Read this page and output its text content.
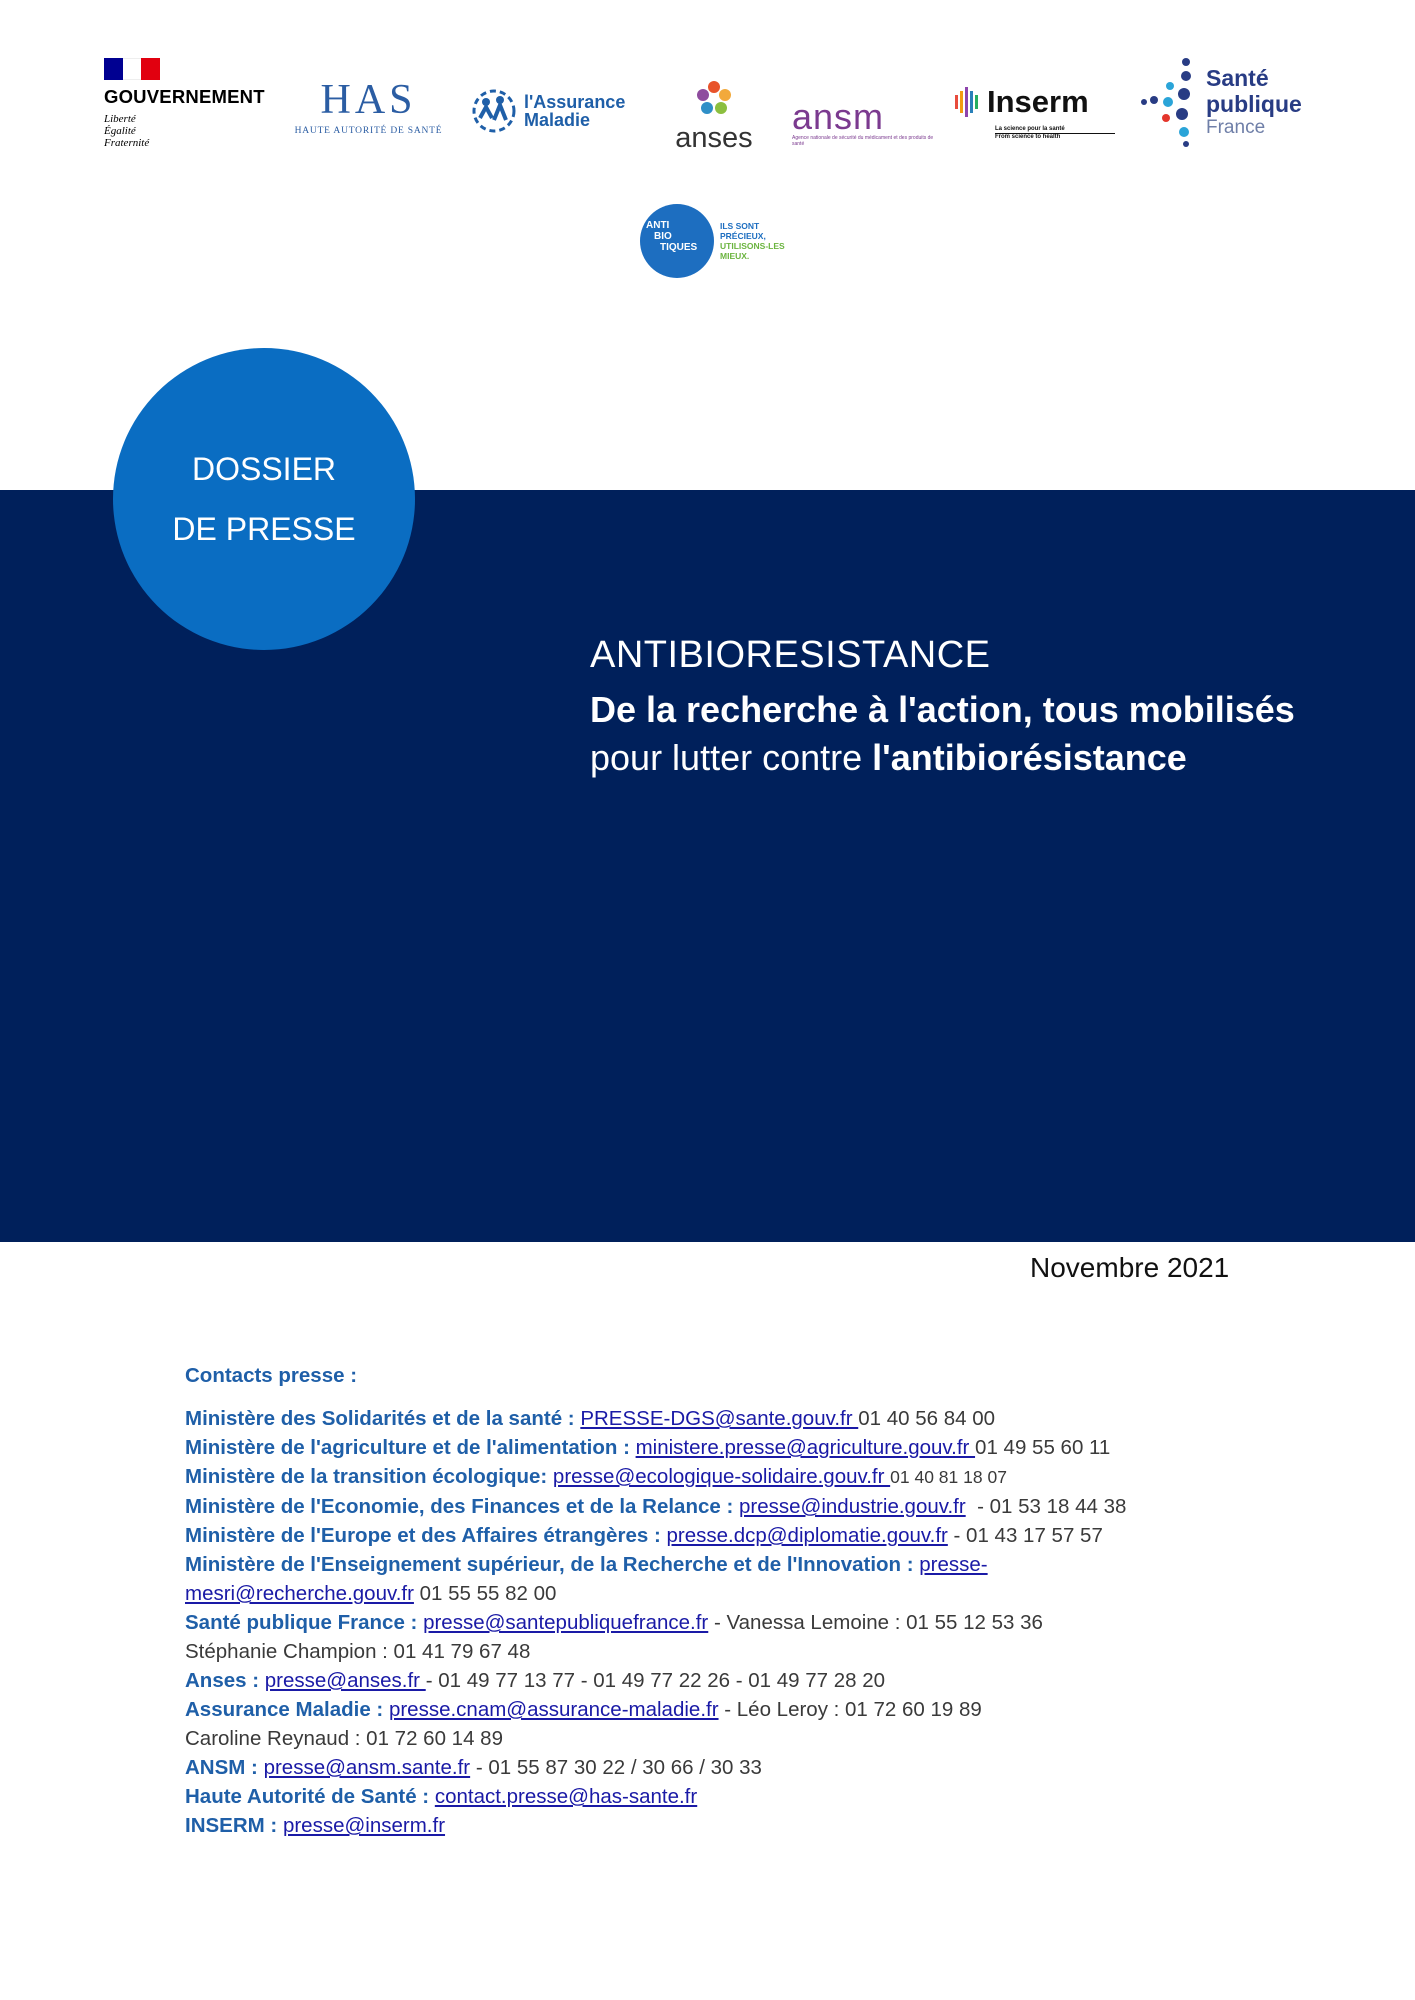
GOUVERNEMENT
Liberté
Égalité
Fraternité
HAS
HAUTE AUTORITÉ DE SANTÉ
l'Assurance
Maladie
anses
ansm
Agence nationale de sécurité du médicament et des produits de santé
Inserm
La science pour la santé
From science to health
Santé
publique
France
ANTI
BIO
TIQUES
ILS SONT
PRÉCIEUX,
UTILISONS-LES
MIEUX.
DOSSIER
DE PRESSE
ANTIBIORESISTANCE
De la recherche à l'action, tous mobilisés
pour lutter contre l'antibiorésistance
Novembre 2021
Contacts presse :
Ministère des Solidarités et de la santé : PRESSE-DGS@sante.gouv.fr 01 40 56 84 00
Ministère de l'agriculture et de l'alimentation : ministere.presse@agriculture.gouv.fr 01 49 55 60 11
Ministère de la transition écologique: presse@ecologique-solidaire.gouv.fr 01 40 81 18 07
Ministère de l'Economie, des Finances et de la Relance : presse@industrie.gouv.fr  - 01 53 18 44 38
Ministère de l'Europe et des Affaires étrangères : presse.dcp@diplomatie.gouv.fr - 01 43 17 57 57
Ministère de l'Enseignement supérieur, de la Recherche et de l'Innovation : presse-
mesri@recherche.gouv.fr 01 55 55 82 00
Santé publique France : presse@santepubliquefrance.fr - Vanessa Lemoine : 01 55 12 53 36
Stéphanie Champion : 01 41 79 67 48
Anses : presse@anses.fr - 01 49 77 13 77 - 01 49 77 22 26 - 01 49 77 28 20
Assurance Maladie : presse.cnam@assurance-maladie.fr - Léo Leroy : 01 72 60 19 89
Caroline Reynaud : 01 72 60 14 89
ANSM : presse@ansm.sante.fr - 01 55 87 30 22 / 30 66 / 30 33
Haute Autorité de Santé : contact.presse@has-sante.fr
INSERM : presse@inserm.fr
